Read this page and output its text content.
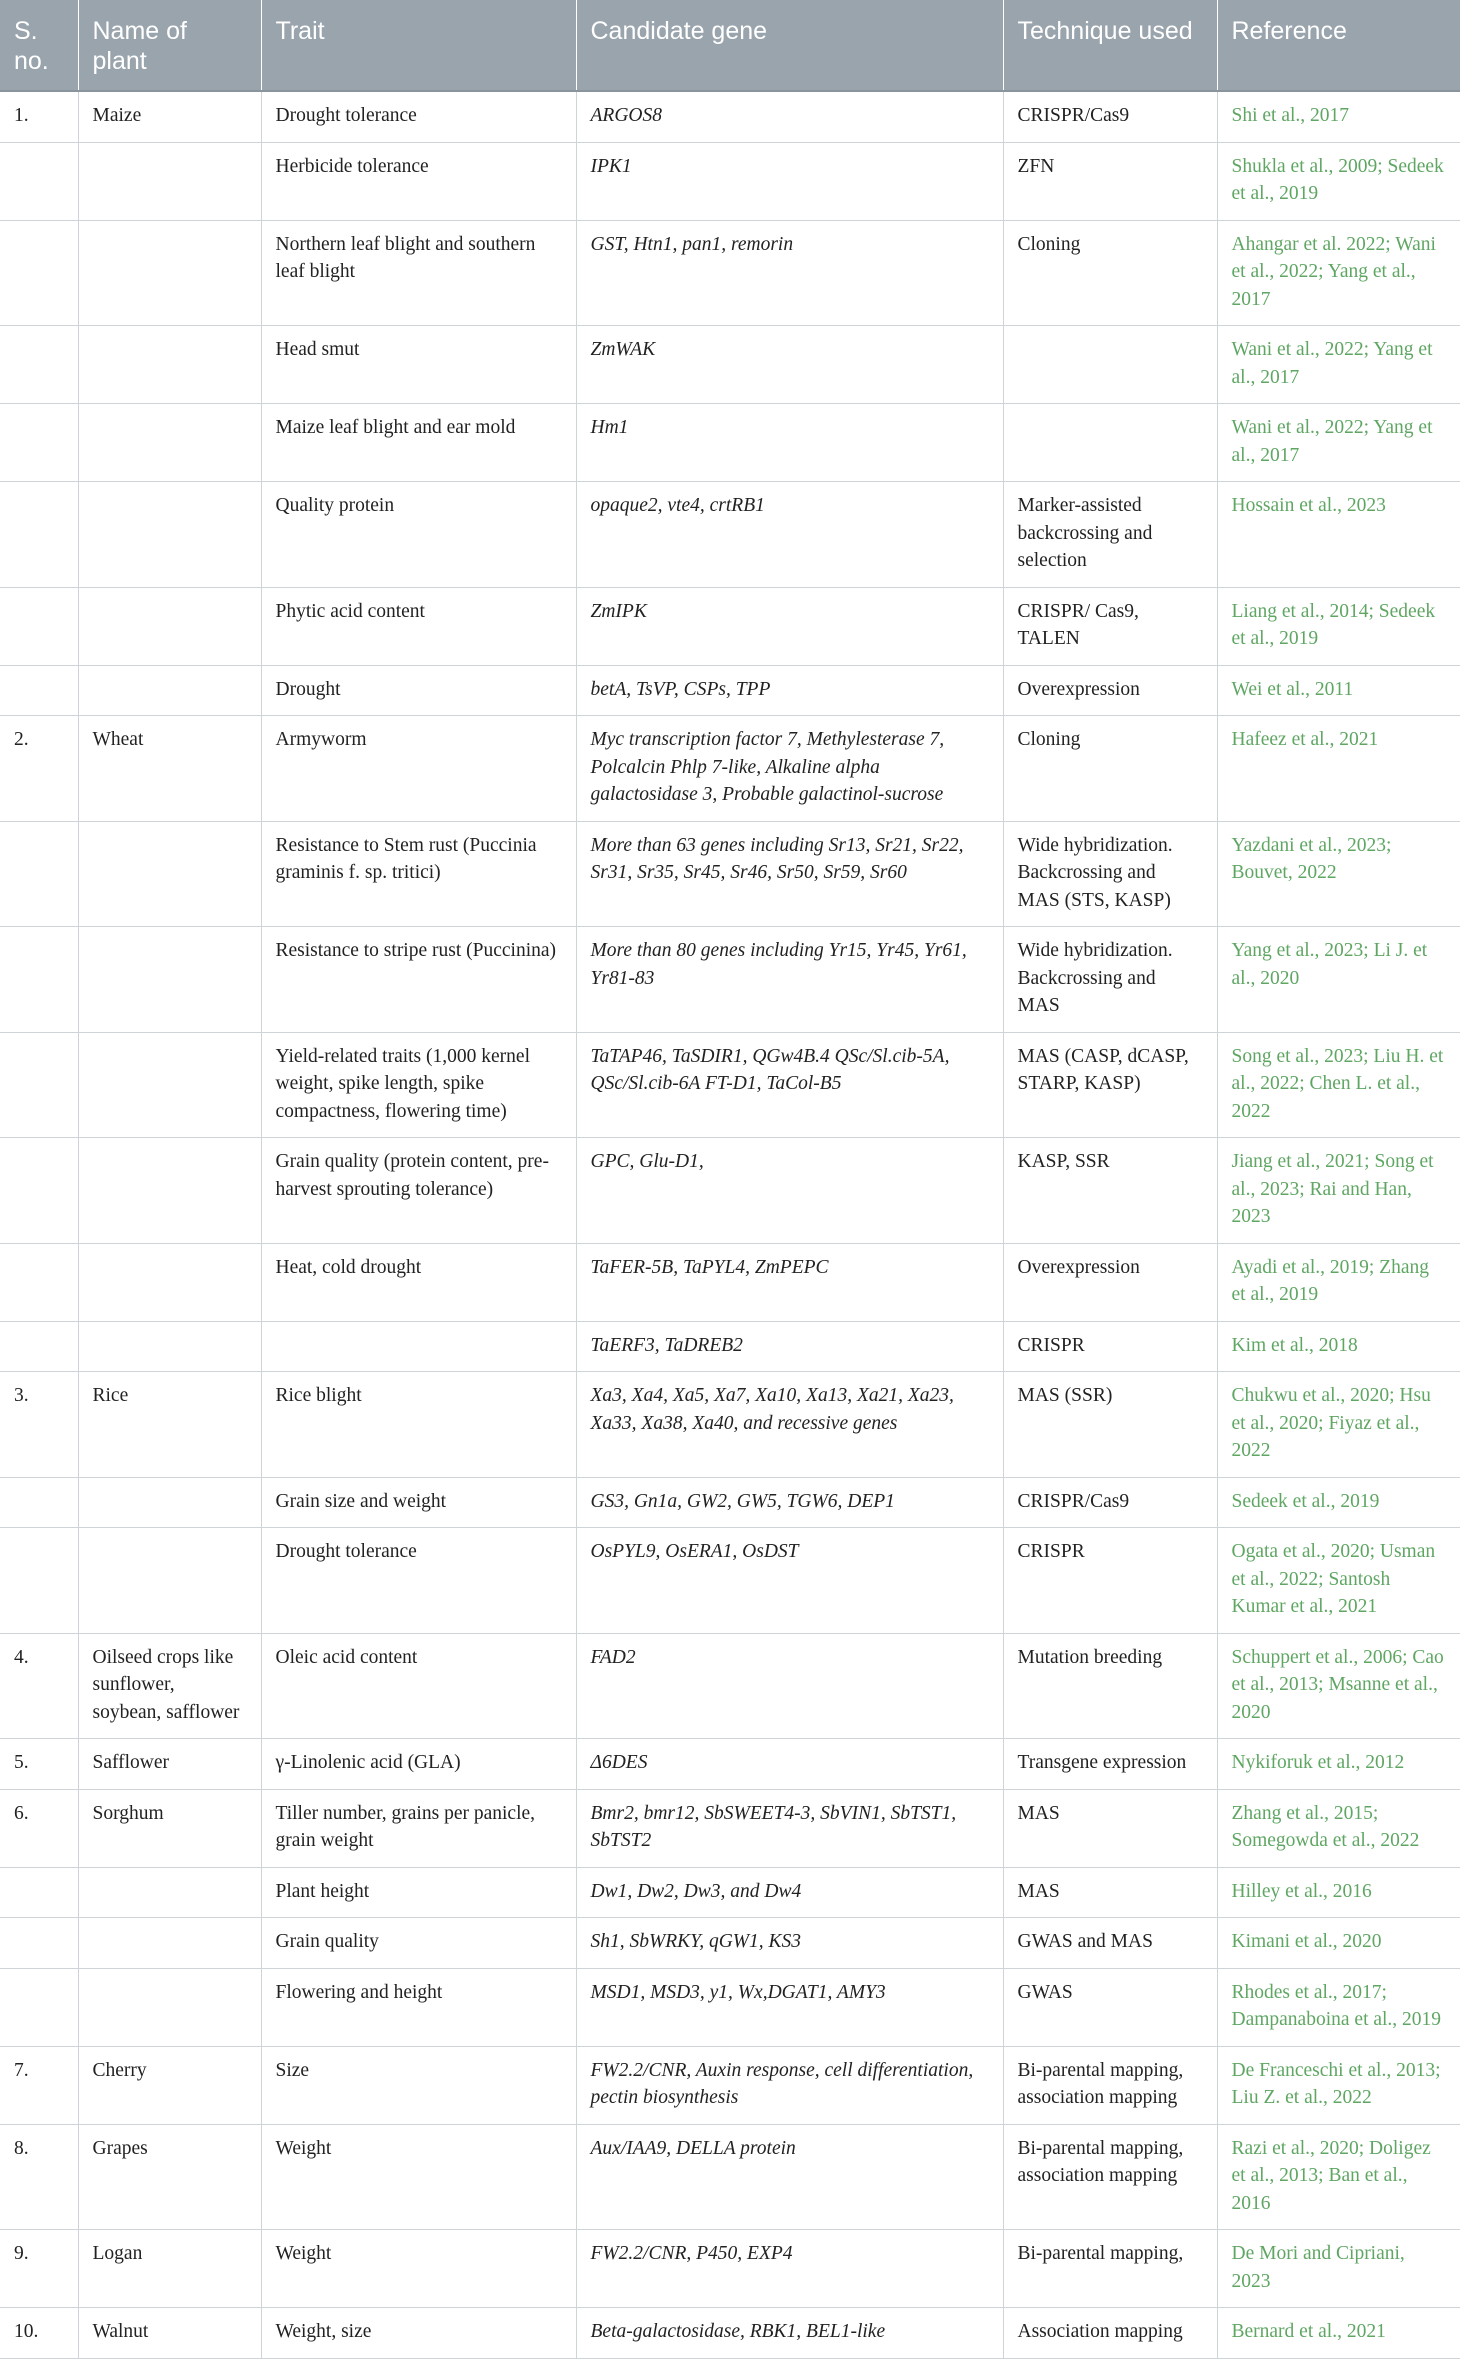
S. no.	Name of plant	Trait	Candidate gene	Technique used	Reference
1.	Maize	Drought tolerance	ARGOS8	CRISPR/Cas9	Shi et al., 2017
		Herbicide tolerance	IPK1	ZFN	Shukla et al., 2009; Sedeek et al., 2019
		Northern leaf blight and southern leaf blight	GST, Htn1, pan1, remorin	Cloning	Ahangar et al. 2022; Wani et al., 2022; Yang et al., 2017
		Head smut	ZmWAK		Wani et al., 2022; Yang et al., 2017
		Maize leaf blight and ear mold	Hm1		Wani et al., 2022; Yang et al., 2017
		Quality protein	opaque2, vte4, crtRB1	Marker-assisted backcrossing and selection	Hossain et al., 2023
		Phytic acid content	ZmIPK	CRISPR/ Cas9, TALEN	Liang et al., 2014; Sedeek et al., 2019
		Drought	betA, TsVP, CSPs, TPP	Overexpression	Wei et al., 2011
2.	Wheat	Armyworm	Myc transcription factor 7, Methylesterase 7, Polcalcin Phlp 7-like, Alkaline alpha galactosidase 3, Probable galactinol-sucrose	Cloning	Hafeez et al., 2021
		Resistance to Stem rust (Puccinia graminis f. sp. tritici)	More than 63 genes including Sr13, Sr21, Sr22, Sr31, Sr35, Sr45, Sr46, Sr50, Sr59, Sr60	Wide hybridization. Backcrossing and MAS (STS, KASP)	Yazdani et al., 2023; Bouvet, 2022
		Resistance to stripe rust (Puccinina)	More than 80 genes including Yr15, Yr45, Yr61, Yr81-83	Wide hybridization. Backcrossing and MAS	Yang et al., 2023; Li J. et al., 2020
		Yield-related traits (1,000 kernel weight, spike length, spike compactness, flowering time)	TaTAP46, TaSDIR1, QGw4B.4 QSc/Sl.cib-5A, QSc/Sl.cib-6A FT-D1, TaCol-B5	MAS (CASP, dCASP, STARP, KASP)	Song et al., 2023; Liu H. et al., 2022; Chen L. et al., 2022
		Grain quality (protein content, pre-harvest sprouting tolerance)	GPC, Glu-D1,	KASP, SSR	Jiang et al., 2021; Song et al., 2023; Rai and Han, 2023
		Heat, cold drought	TaFER-5B, TaPYL4, ZmPEPC	Overexpression	Ayadi et al., 2019; Zhang et al., 2019
			TaERF3, TaDREB2	CRISPR	Kim et al., 2018
3.	Rice	Rice blight	Xa3, Xa4, Xa5, Xa7, Xa10, Xa13, Xa21, Xa23, Xa33, Xa38, Xa40, and recessive genes	MAS (SSR)	Chukwu et al., 2020; Hsu et al., 2020; Fiyaz et al., 2022
		Grain size and weight	GS3, Gn1a, GW2, GW5, TGW6, DEP1	CRISPR/Cas9	Sedeek et al., 2019
		Drought tolerance	OsPYL9, OsERA1, OsDST	CRISPR	Ogata et al., 2020; Usman et al., 2022; Santosh Kumar et al., 2021
4.	Oilseed crops like sunflower, soybean, safflower	Oleic acid content	FAD2	Mutation breeding	Schuppert et al., 2006; Cao et al., 2013; Msanne et al., 2020
5.	Safflower	γ-Linolenic acid (GLA)	Δ6DES	Transgene expression	Nykiforuk et al., 2012
6.	Sorghum	Tiller number, grains per panicle, grain weight	Bmr2, bmr12, SbSWEET4-3, SbVIN1, SbTST1, SbTST2	MAS	Zhang et al., 2015; Somegowda et al., 2022
		Plant height	Dw1, Dw2, Dw3, and Dw4	MAS	Hilley et al., 2016
		Grain quality	Sh1, SbWRKY, qGW1, KS3	GWAS and MAS	Kimani et al., 2020
		Flowering and height	MSD1, MSD3, y1, Wx,DGAT1, AMY3	GWAS	Rhodes et al., 2017; Dampanaboina et al., 2019
7.	Cherry	Size	FW2.2/CNR, Auxin response, cell differentiation, pectin biosynthesis	Bi-parental mapping, association mapping	De Franceschi et al., 2013; Liu Z. et al., 2022
8.	Grapes	Weight	Aux/IAA9, DELLA protein	Bi-parental mapping, association mapping	Razi et al., 2020; Doligez et al., 2013; Ban et al., 2016
9.	Logan	Weight	FW2.2/CNR, P450, EXP4	Bi-parental mapping,	De Mori and Cipriani, 2023
10.	Walnut	Weight, size	Beta-galactosidase, RBK1, BEL1-like	Association mapping	Bernard et al., 2021
